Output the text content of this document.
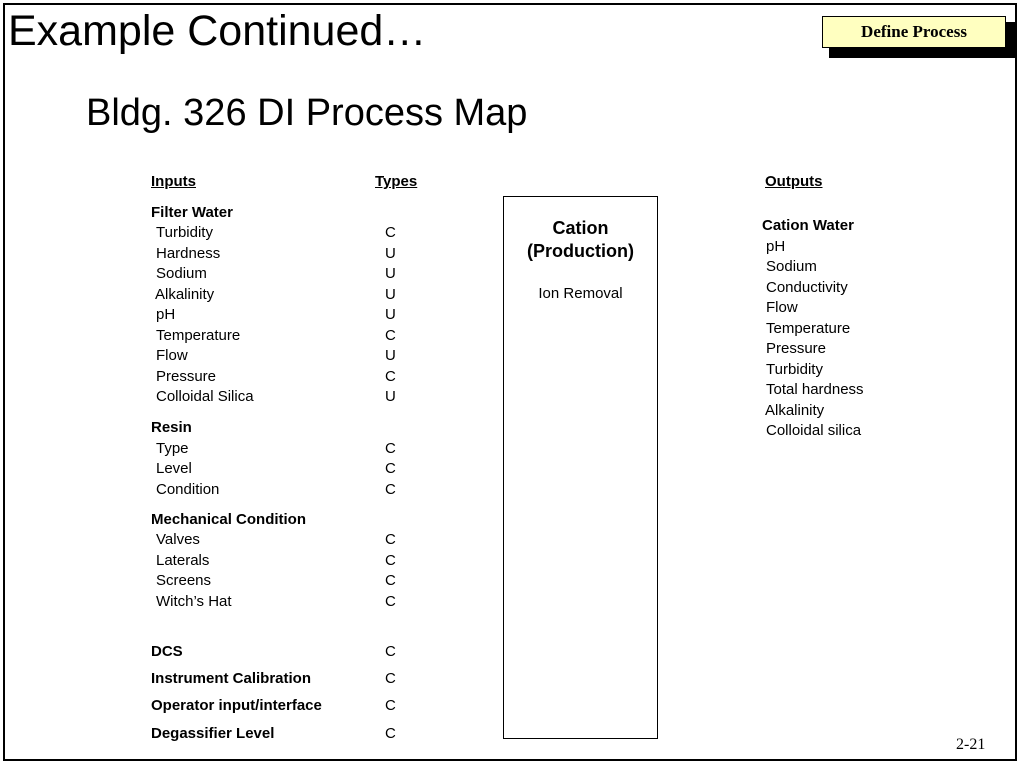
Example Continued…
Bldg. 326 DI Process Map
Define Process
Inputs	Types	Outputs
Filter Water
Turbidity	C
Hardness	U
Sodium	U
Alkalinity	U
pH	U
Temperature	C
Flow	U
Pressure	C
Colloidal Silica	U
Resin
Type	C
Level	C
Condition	C
Mechanical Condition
Valves	C
Laterals	C
Screens	C
Witch’s Hat	C
DCS	C
Instrument Calibration	C
Operator input/interface	C
Degassifier Level	C
Cation
(Production)
Ion Removal
Cation Water
pH
Sodium
Conductivity
Flow
Temperature
Pressure
Turbidity
Total hardness
Alkalinity
Colloidal silica
2-21
